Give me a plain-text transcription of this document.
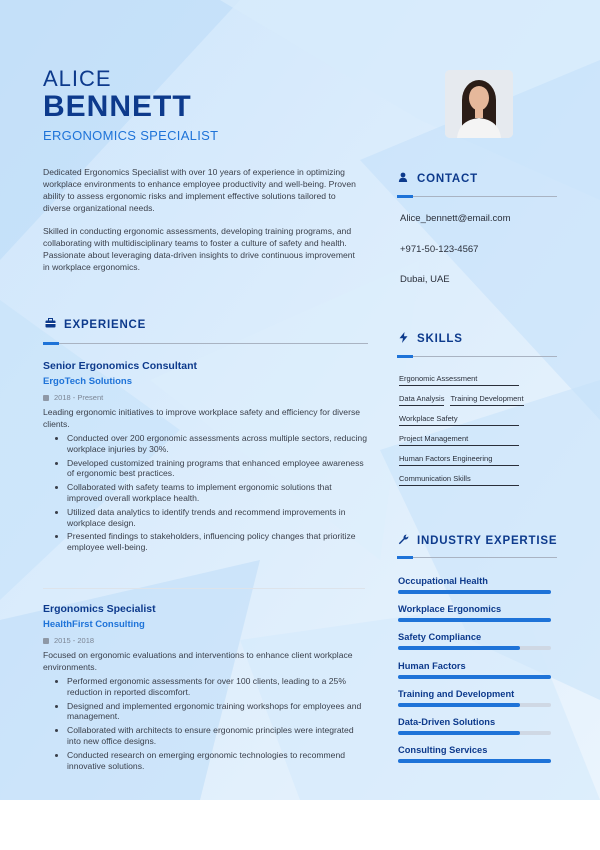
ALICE
BENNETT
ERGONOMICS SPECIALIST

Dedicated Ergonomics Specialist with over 10 years of experience in optimizing workplace environments to enhance employee productivity and well-being. Proven ability to assess ergonomic risks and implement effective solutions tailored to diverse organizational needs.

Skilled in conducting ergonomic assessments, developing training programs, and collaborating with multidisciplinary teams to foster a culture of safety and health. Passionate about leveraging data-driven insights to drive continuous improvement in workplace ergonomics.

EXPERIENCE
Senior Ergonomics Consultant
ErgoTech Solutions
2018 - Present
Leading ergonomic initiatives to improve workplace safety and efficiency for diverse clients.
• Conducted over 200 ergonomic assessments across multiple sectors, reducing workplace injuries by 30%.
• Developed customized training programs that enhanced employee awareness of ergonomic best practices.
• Collaborated with safety teams to implement ergonomic solutions that improved overall workplace health.
• Utilized data analytics to identify trends and recommend improvements in workplace design.
• Presented findings to stakeholders, influencing policy changes that prioritize employee well-being.
Ergonomics Specialist
HealthFirst Consulting
2015 - 2018
Focused on ergonomic evaluations and interventions to enhance client workplace environments.
• Performed ergonomic assessments for over 100 clients, leading to a 25% reduction in reported discomfort.
• Designed and implemented ergonomic training workshops for employees and management.
• Collaborated with architects to ensure ergonomic principles were integrated into new office designs.
• Conducted research on emerging ergonomic technologies to recommend innovative solutions.
CONTACT
Alice_bennett@email.com
+971-50-123-4567
Dubai, UAE
SKILLS
Ergonomic Assessment
Data Analysis Training Development
Workplace Safety
Project Management
Human Factors Engineering
Communication Skills
INDUSTRY EXPERTISE
Occupational Health
Workplace Ergonomics
Safety Compliance
Human Factors
Training and Development
Data-Driven Solutions
Consulting Services
